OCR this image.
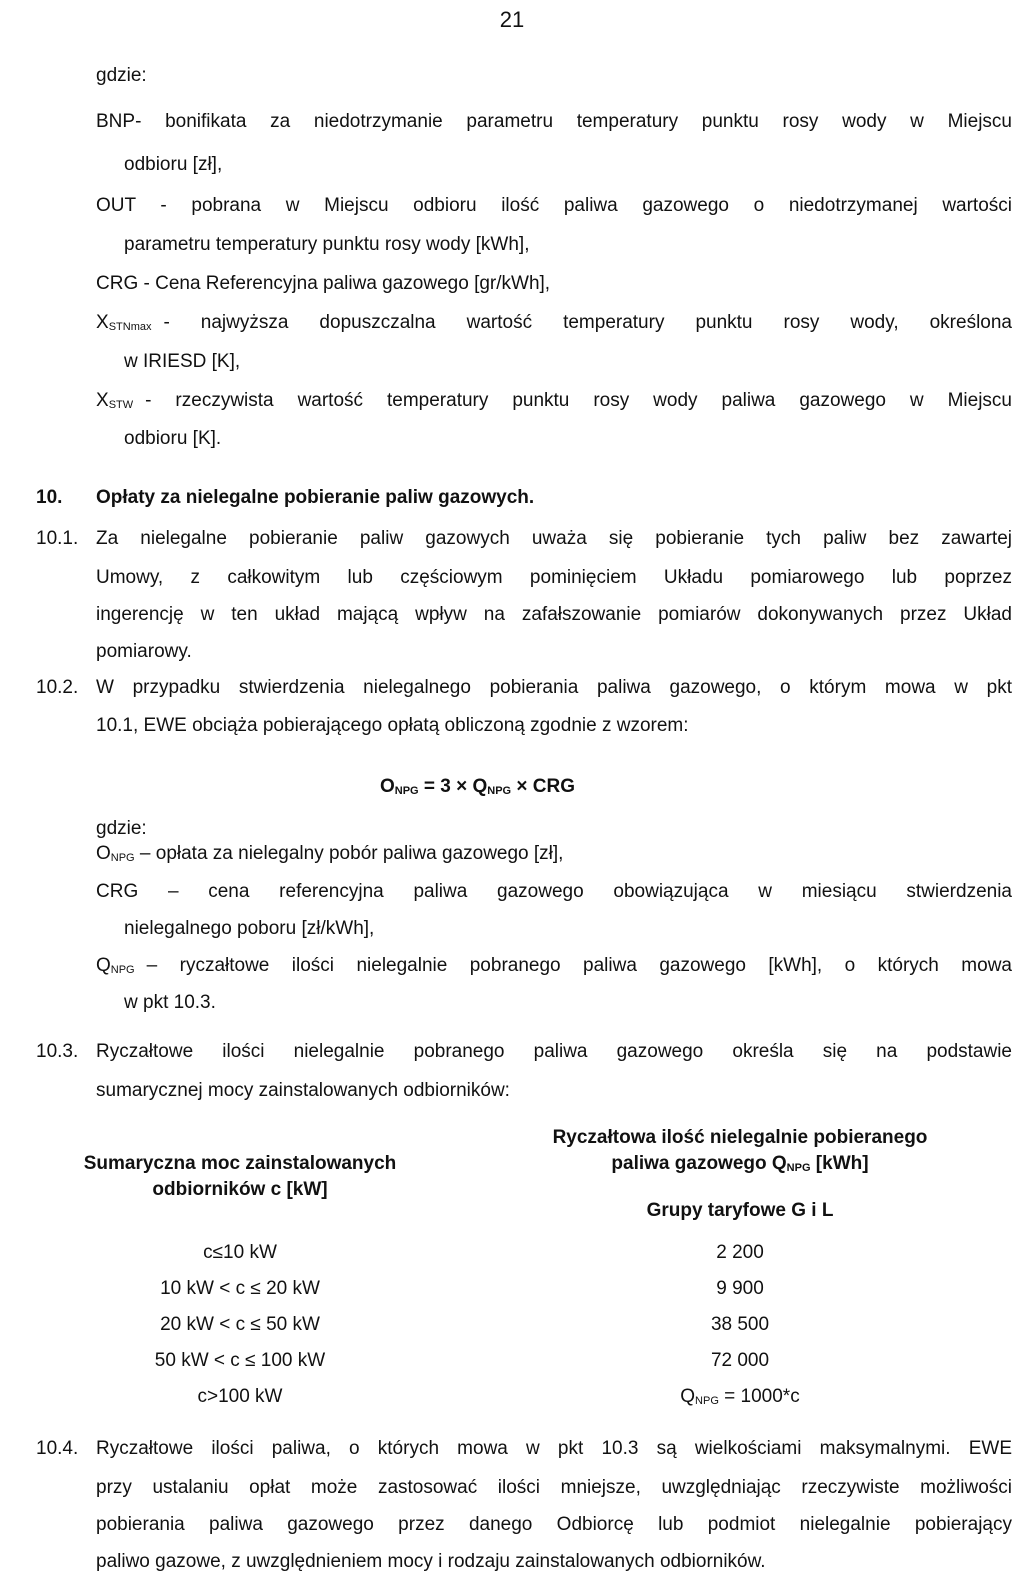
21

gdzie:

BNP- bonifikata za niedotrzymanie parametru temperatury punktu rosy wody w Miejscu

odbioru [zł],

OUT - pobrana w Miejscu odbioru ilość paliwa gazowego o niedotrzymanej wartości

parametru temperatury punktu rosy wody [kWh],

CRG - Cena Referencyjna paliwa gazowego [gr/kWh],

$X_{STNmax}$ - najwyższa dopuszczalna wartość temperatury punktu rosy wody, określona

w IRIESD [K],

$X_{STW}$ - rzeczywista wartość temperatury punktu rosy wody paliwa gazowego w Miejscu

odbioru [K].

10. Opłaty za nielegalne pobieranie paliw gazowych.

10.1. Za nielegalne pobieranie paliw gazowych uważa się pobieranie tych paliw bez zawartej

Umowy, z całkowitym lub częściowym pominięciem Układu pomiarowego lub poprzez

ingerencję w ten układ mającą wpływ na zafałszowanie pomiarów dokonywanych przez Układ

pomiarowy.

10.2. W przypadku stwierdzenia nielegalnego pobierania paliwa gazowego, o którym mowa w pkt

10.1, EWE obciąża pobierającego opłatą obliczoną zgodnie z wzorem:

$O_{NPG} = 3 \times Q_{NPG}$ × CRG

gdzie:

$O_{NPG}$ – opłata za nielegalny pobór paliwa gazowego [zł],

CRG – cena referencyjna paliwa gazowego obowiązująca w miesiącu stwierdzenia

nielegalnego poboru [zł/kWh],

$Q_{NPG}$ – ryczałtowe ilości nielegalnie pobranego paliwa gazowego [kWh], o których mowa

w pkt 10.3.

10.3. Ryczałtowe ilości nielegalnie pobranego paliwa gazowego określa się na podstawie

sumarycznej mocy zainstalowanych odbiorników:

Sumaryczna moc zainstalowanych

odbiorników c [kW]

Ryczałtowa ilość nielegalnie pobieranego

paliwa gazowego $Q_{NPG}$ [kWh]

Grupy taryfowe G i L

c≤10 kW	2 200

10 kW < c ≤ 20 kW	9 900

20 kW < c ≤ 50 kW	38 500

50 kW < c ≤ 100 kW	72 000

c>100 kW	$Q_{NPG} = 1000*c$

10.4. Ryczałtowe ilości paliwa, o których mowa w pkt 10.3 są wielkościami maksymalnymi. EWE

przy ustalaniu opłat może zastosować ilości mniejsze, uwzględniając rzeczywiste możliwości

pobierania paliwa gazowego przez danego Odbiorcę lub podmiot nielegalnie pobierający

paliwo gazowe, z uwzględnieniem mocy i rodzaju zainstalowanych odbiorników.
